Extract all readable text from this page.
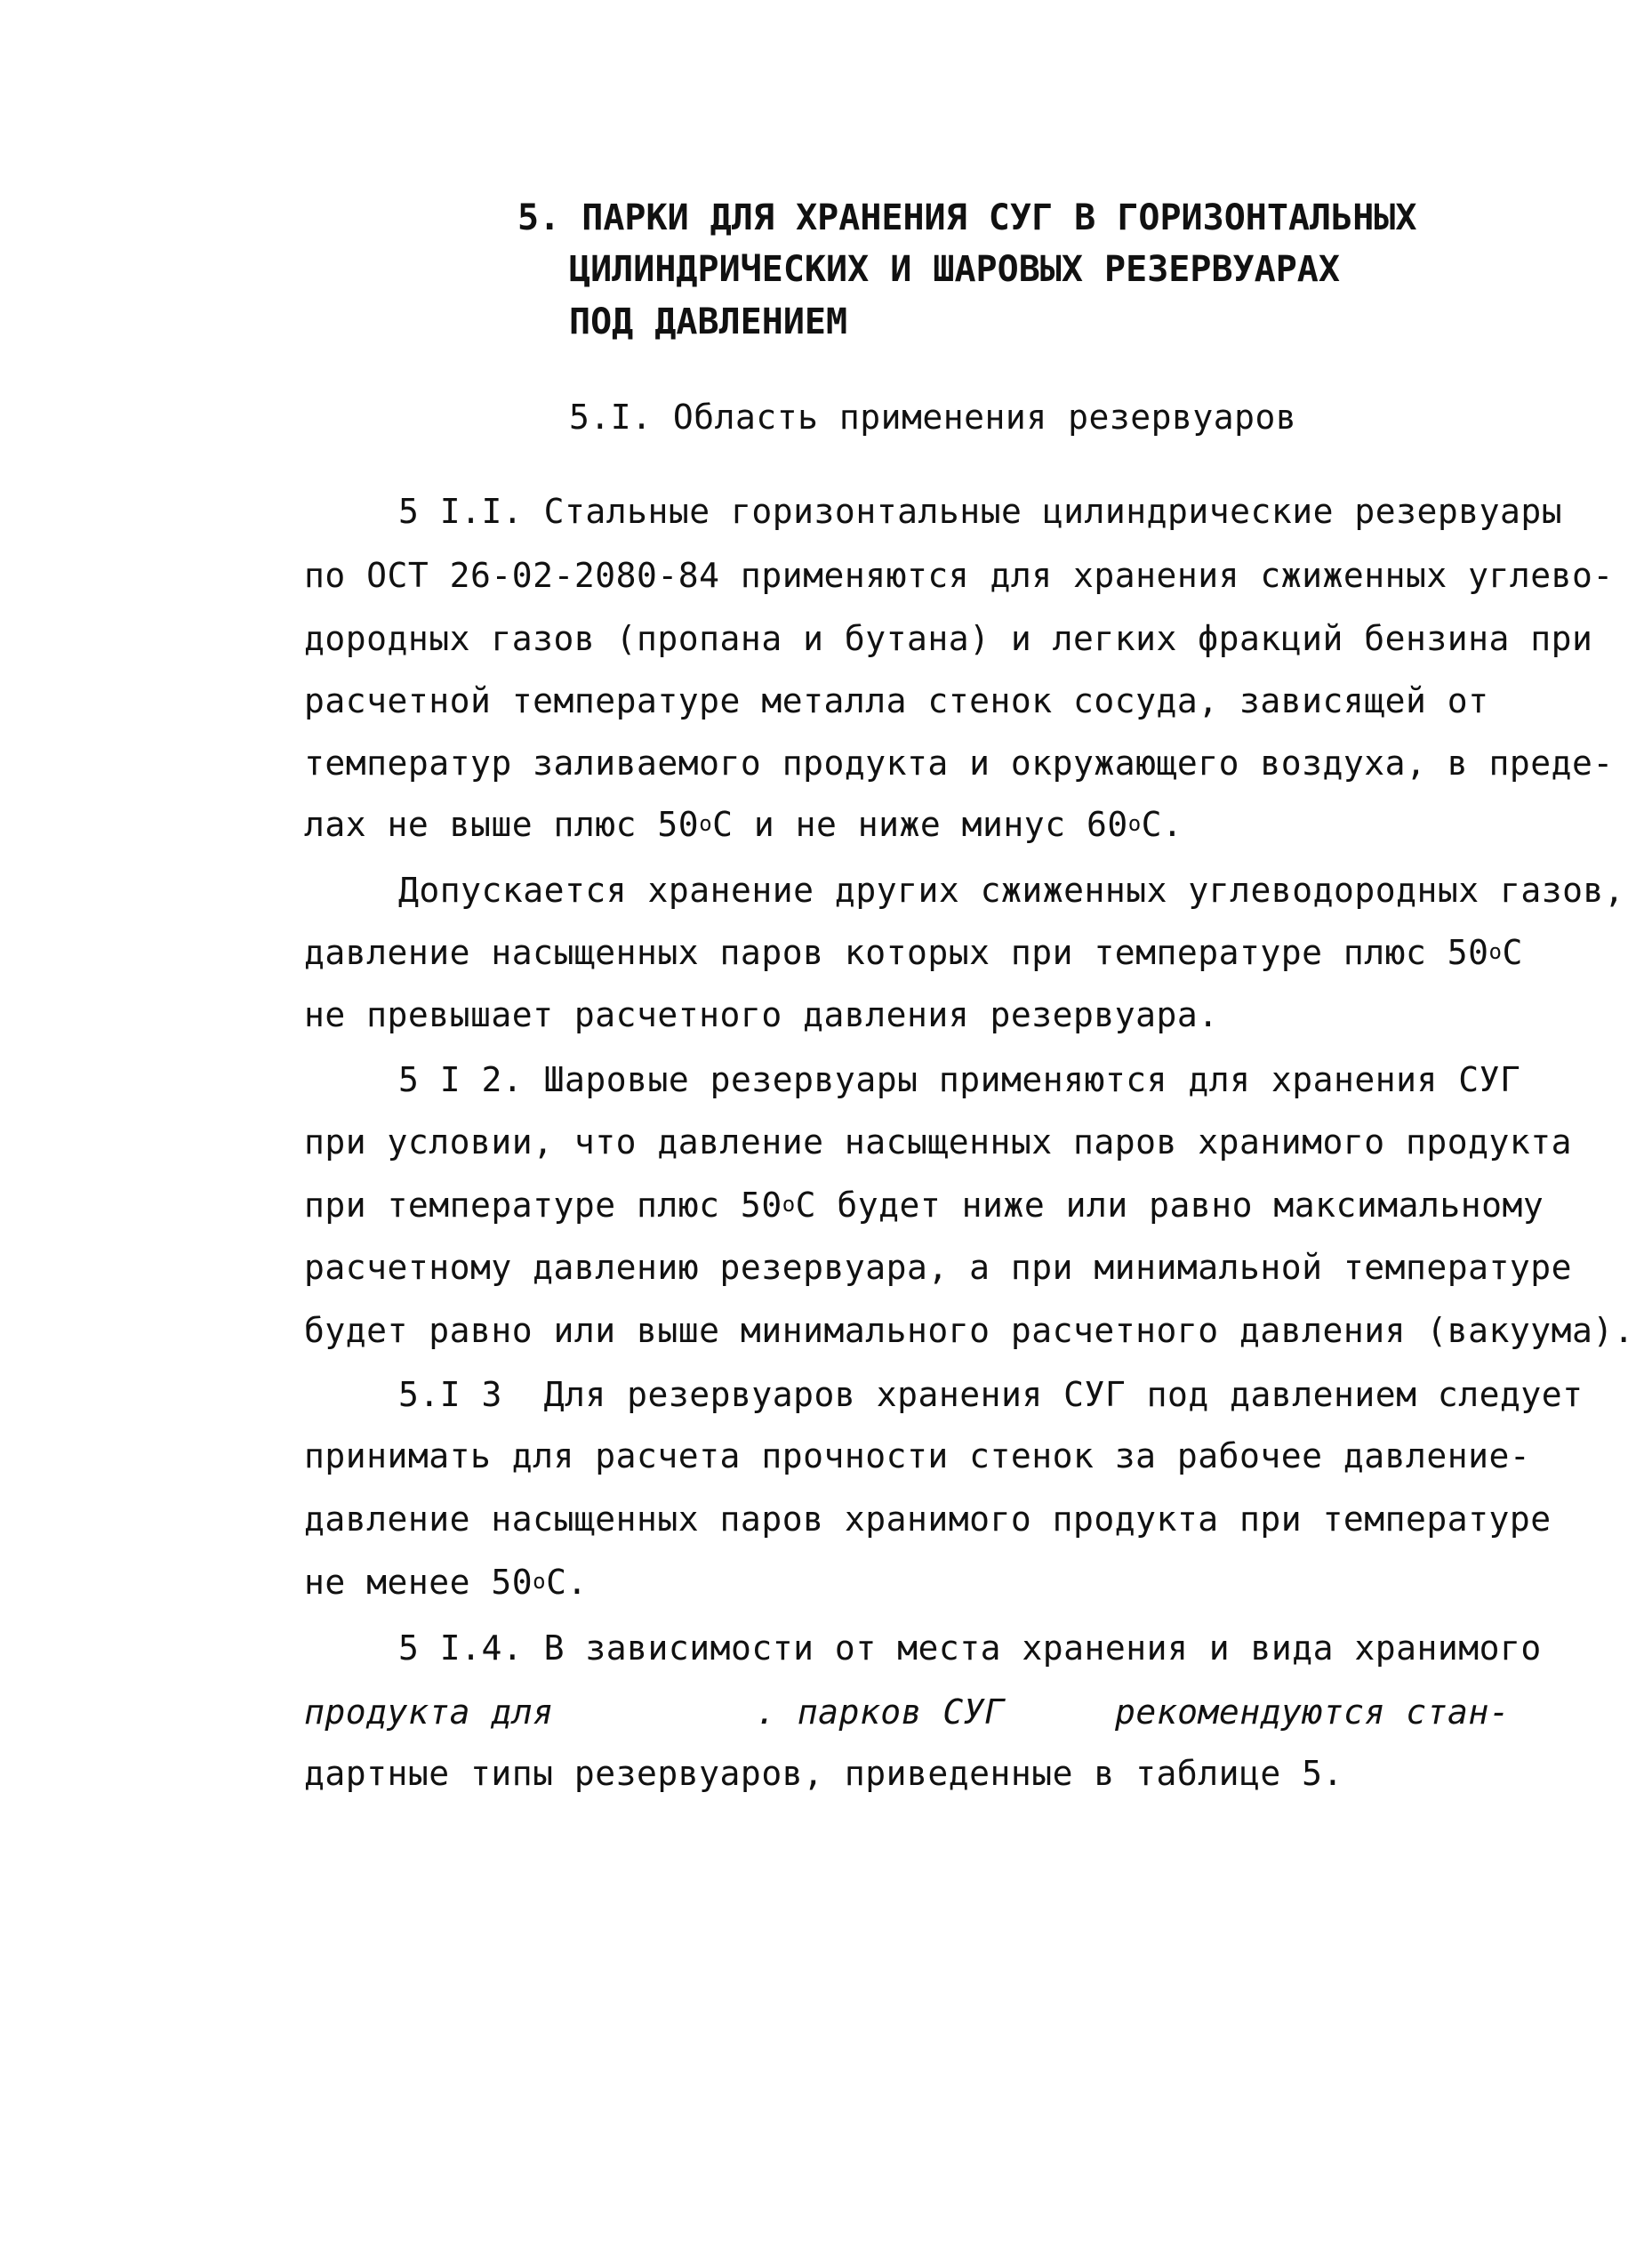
5. ПАРКИ ДЛЯ ХРАНЕНИЯ СУГ В ГОРИЗОНТАЛЬНЫХ
ЦИЛИНДРИЧЕСКИХ И ШАРОВЫХ РЕЗЕРВУАРАХ
ПОД ДАВЛЕНИЕМ
5.I. Область применения резервуаров
5 I.I. Стальные горизонтальные цилиндрические резервуары
по ОСТ 26-02-2080-84 применяются для хранения сжиженных углево-
дородных газов (пропана и бутана) и легких фракций бензина при
расчетной температуре металла стенок сосуда, зависящей от
температур заливаемого продукта и окружающего воздуха, в преде-
лах не выше плюс $50^оС$ и не ниже минус $60^оС$.
Допускается хранение других сжиженных углеводородных газов,
давление насыщенных паров которых при температуре плюс $50^оС$
не превышает расчетного давления резервуара.
5 I 2. Шаровые резервуары применяются для хранения СУГ
при условии, что давление насыщенных паров хранимого продукта
при температуре плюс $50^оС$ будет ниже или равно максимальному
расчетному давлению резервуара, а при минимальной температуре
будет равно или выше минимального расчетного давления (вакуума).
5.I 3  Для резервуаров хранения СУГ под давлением следует
принимать для расчета прочности стенок за рабочее давление-
давление насыщенных паров хранимого продукта при температуре
не менее $50^оС$.
5 I.4. В зависимости от места хранения и вида хранимого
продукта для	. парков СУГ	рекомендуются стан-
дартные типы резервуаров, приведенные в таблице 5.
